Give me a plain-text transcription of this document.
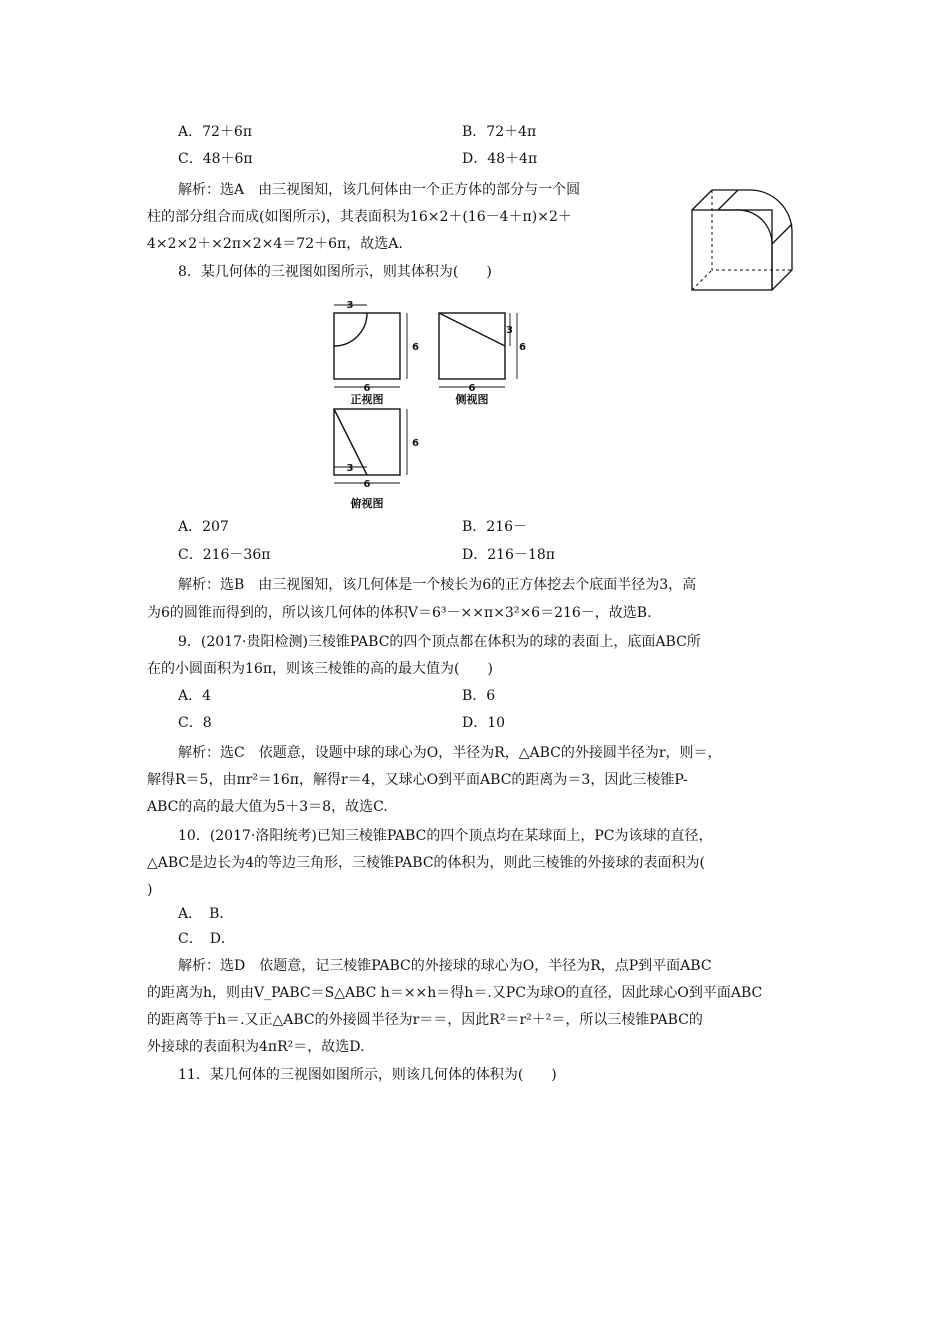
A．72＋6π	B．72＋4π
C．48＋6π	D．48＋4π
解析：选A　由三视图知，该几何体由一个正方体的部分与一个圆
柱的部分组合而成(如图所示)，其表面积为16×2＋(16－4＋π)×2＋
4×2×2＋×2π×2×4＝72＋6π，故选A.
8．某几何体的三视图如图所示，则其体积为(　　)
3
6
6
3
6
6
6
3
6
正视图	侧视图
俯视图
A．207	B．216－
C．216－36π	D．216－18π
解析：选B　由三视图知，该几何体是一个棱长为6的正方体挖去个底面半径为3，高
为6的圆锥而得到的，所以该几何体的体积V＝6³－××π×3²×6＝216－，故选B.
9．(2017·贵阳检测)三棱锥PABC的四个顶点都在体积为的球的表面上，底面ABC所
在的小圆面积为16π，则该三棱锥的高的最大值为(　　)
A．4	B．6
C．8	D．10
解析：选C　依题意，设题中球的球心为O，半径为R，△ABC的外接圆半径为r，则＝，
解得R＝5，由πr²＝16π，解得r＝4，又球心O到平面ABC的距离为＝3，因此三棱锥P-
ABC的高的最大值为5＋3＝8，故选C.
10．(2017·洛阳统考)已知三棱锥PABC的四个顶点均在某球面上，PC为该球的直径，
△ABC是边长为4的等边三角形，三棱锥PABC的体积为，则此三棱锥的外接球的表面积为(
)
A．　B．
C．　D．
解析：选D　依题意，记三棱锥PABC的外接球的球心为O，半径为R，点P到平面ABC
的距离为h，则由V_PABC＝S△ABC h＝××h＝得h＝.又PC为球O的直径，因此球心O到平面ABC
的距离等于h＝.又正△ABC的外接圆半径为r＝＝，因此R²＝r²＋²＝，所以三棱锥PABC的
外接球的表面积为4πR²＝，故选D.
11．某几何体的三视图如图所示，则该几何体的体积为(　　)
